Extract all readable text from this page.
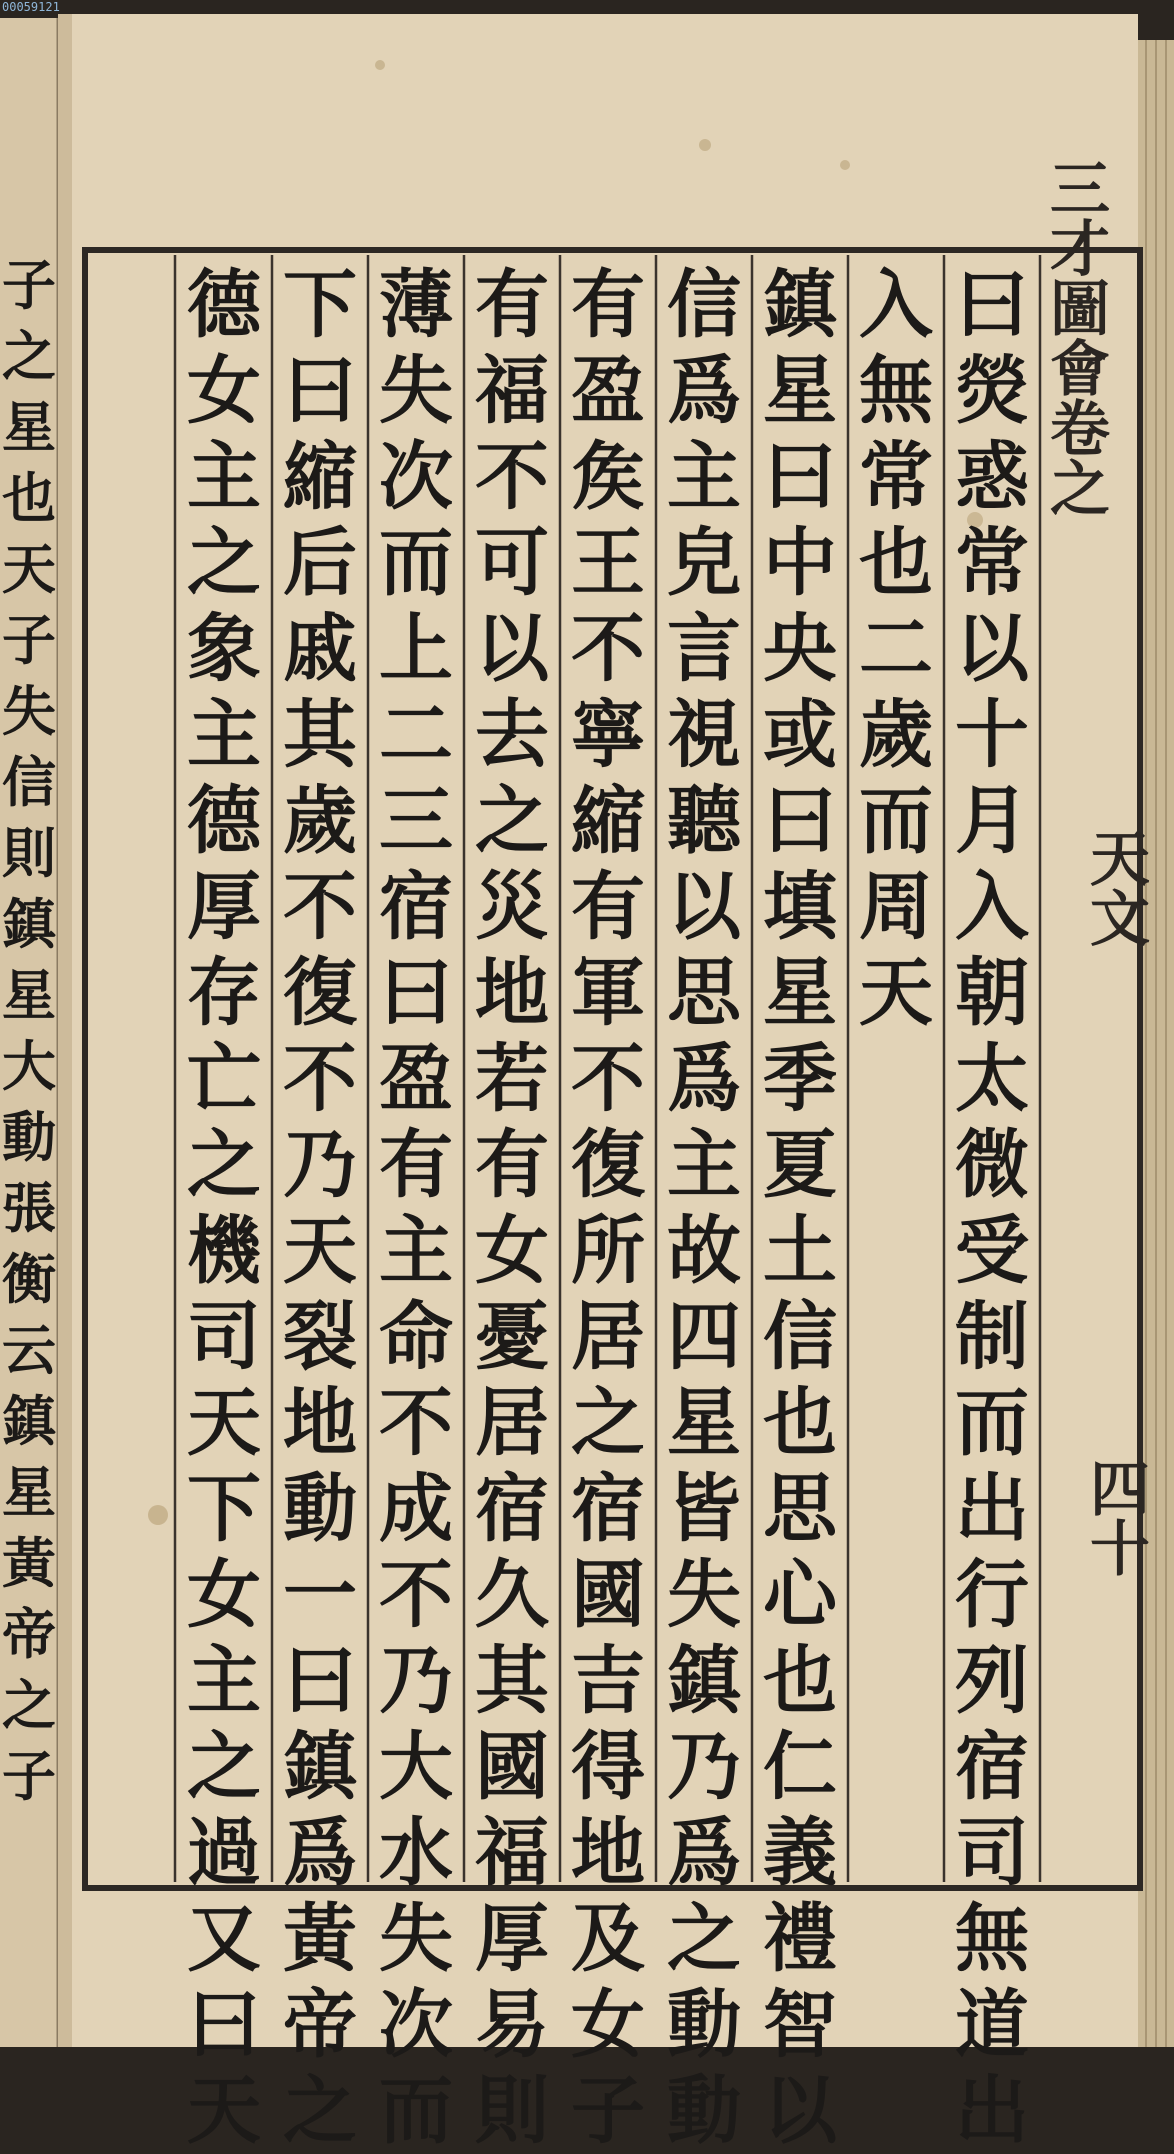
00059121
子
之
星
也
天
子
失
信
則
鎮
星
大
動
張
衡
云
鎮
星
黃
帝
之
子
三
才
圖
會
卷
之
天
文
四
十
曰
熒
惑
常
以
十
月
入
朝
太
微
受
制
而
出
行
列
宿
司
無
道
出
入
無
常
也
二
歲
而
周
天
鎮
星
曰
中
央
或
曰
填
星
季
夏
土
信
也
思
心
也
仁
義
禮
智
以
信
爲
主
皃
言
視
聽
以
思
爲
主
故
四
星
皆
失
鎮
乃
爲
之
動
動
有
盈
矦
王
不
寧
縮
有
軍
不
復
所
居
之
宿
國
吉
得
地
及
女
子
有
福
不
可
以
去
之
災
地
若
有
女
憂
居
宿
久
其
國
福
厚
易
則
薄
失
次
而
上
二
三
宿
曰
盈
有
主
命
不
成
不
乃
大
水
失
次
而
下
曰
縮
后
戚
其
歲
不
復
不
乃
天
裂
地
動
一
曰
鎮
爲
黃
帝
之
德
女
主
之
象
主
德
厚
存
亡
之
機
司
天
下
女
主
之
過
又
曰
天
